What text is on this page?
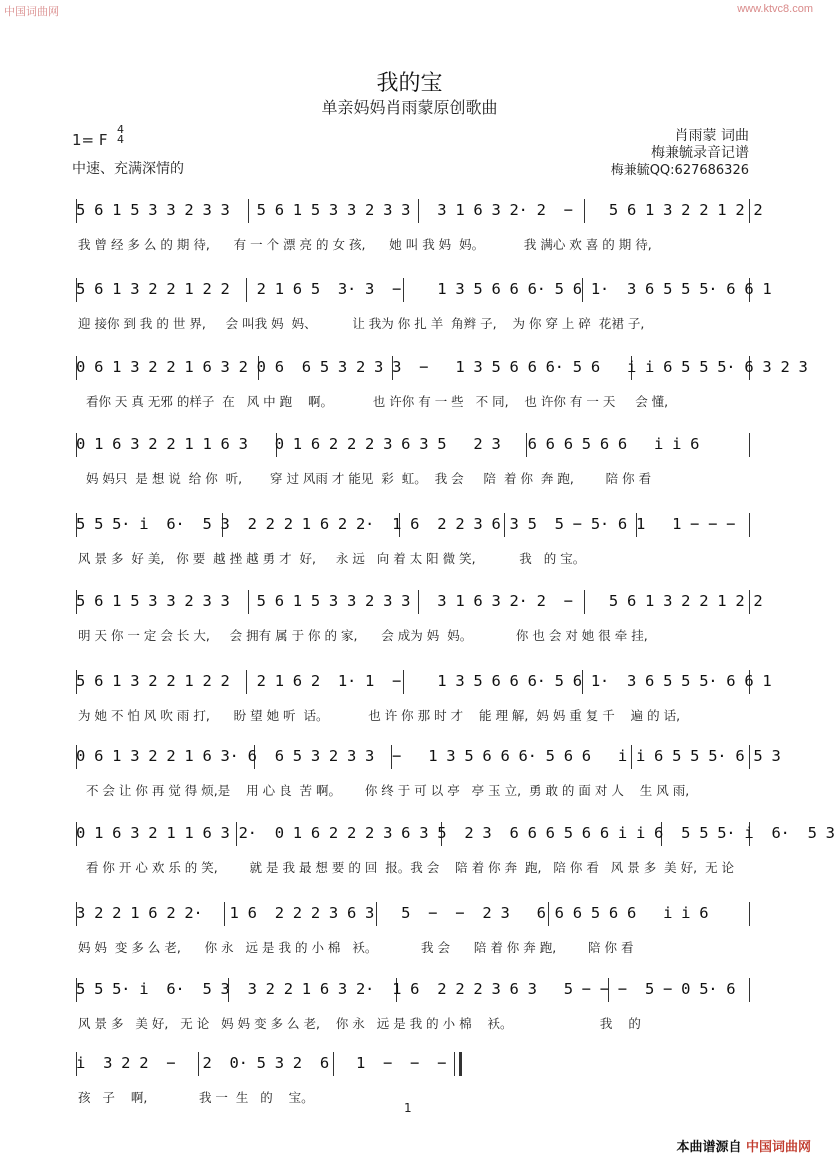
中国词曲网	www.ktvc8.com
我的宝
单亲妈妈肖雨蒙原创歌曲
1= F
4
4
中速、充满深情的
肖雨蒙 词曲
梅兼毓录音记谱
梅兼毓QQ:627686326
5 6 1 5 3 3 2 3 3   5 6 1 5 3 3 2 3 3   3 1 6 3 2· 2  −    5 6 1 3 2 2 1 2 2
我 曾 经 多 么 的 期 待,      有 一 个 漂 亮 的 女 孩,      她 叫 我 妈  妈。          我 满心 欢 喜 的 期 待,
5 6 1 3 2 2 1 2 2   2 1 6 5  3· 3  −    1 3 5 6 6 6· 5 6 1·  3 6 5 5 5· 6 6 1
迎 接你 到 我 的 世 界,     会 叫我 妈  妈、         让 我为 你 扎 羊  角辫 子,    为 你 穿 上 碎  花裙 子,
0 6 1 3 2 2 1 6 3 2 0 6  6 5 3 2 3 3  −   1 3 5 6 6 6· 5 6   i i 6 5 5 5· 6 3 2 3
看你 天 真 无邪 的样子  在   风 中 跑    啊。          也 许你 有 一 些   不 同,    也 许你 有 一 天     会 懂,
0 1 6 3 2 2 1 1 6 3   0 1 6 2 2 2 3 6 3 5   2 3   6 6 6 5 6 6   i i 6
妈 妈只  是 想 说  给 你  听,       穿 过 风雨 才 能见  彩  虹。  我 会     陪  着 你  奔 跑,        陪 你 看
5 5 5· i  6·  5 3  2 2 2 1 6 2 2·  1 6  2 2 3 6 3 5  5 − 5· 6 1   1 − − −
风 景 多  好 美,   你 要  越 挫 越 勇 才  好,     永 远   向 着 太 阳 微 笑,           我   的 宝。
5 6 1 5 3 3 2 3 3   5 6 1 5 3 3 2 3 3   3 1 6 3 2· 2  −    5 6 1 3 2 2 1 2 2
明 天 你 一 定 会 长 大,     会 拥有 属 于 你 的 家,      会 成为 妈  妈。           你 也 会 对 她 很 牵 挂,
5 6 1 3 2 2 1 2 2   2 1 6 2  1· 1  −    1 3 5 6 6 6· 5 6 1·  3 6 5 5 5· 6 6 1
为 她 不 怕 风 吹 雨 打,      盼 望 她 听  话。          也 许 你 那 时 才    能 理 解,  妈 妈 重 复 千    遍 的 话,
0 6 1 3 2 2 1 6 3· 6  6 5 3 2 3 3  −   1 3 5 6 6 6· 5 6 6   i i 6 5 5 5· 6 5 3
不 会 让 你 再 觉 得 烦,是    用 心 良  苦 啊。      你 终 于 可 以 亭   亭 玉 立,  勇 敢 的 面 对 人    生 风 雨,
0 1 6 3 2 1 1 6 3 2·  0 1 6 2 2 2 3 6 3 5  2 3  6 6 6 5 6 6 i i 6  5 5 5· i  6·  5 3
看 你 开 心 欢 乐 的 笑,        就 是 我 最 想 要 的 回  报。我 会    陪 着 你 奔  跑,   陪 你 看   风 景 多  美 好,  无 论
3 2 2 1 6 2 2·   1 6  2 2 2 3 6 3   5  −  −  2 3   6 6 6 5 6 6   i i 6
妈 妈  变 多 么 老,      你 永   远 是 我 的 小 棉   袄。           我 会      陪 着 你 奔 跑,        陪 你 看
5 5 5· i  6·  5 3  3 2 2 1 6 3 2·  1 6  2 2 2 3 6 3   5 − − −  5 − 0 5· 6
风 景 多   美 好,   无 论   妈 妈 变 多 么 老,    你 永   远 是 我 的 小 棉    袄。                      我    的
i  3 2 2  −   2  0· 5 3 2  6   1  −  −  −
孩   子    啊,             我 一  生   的    宝。
1
本曲谱源自 中国词曲网
